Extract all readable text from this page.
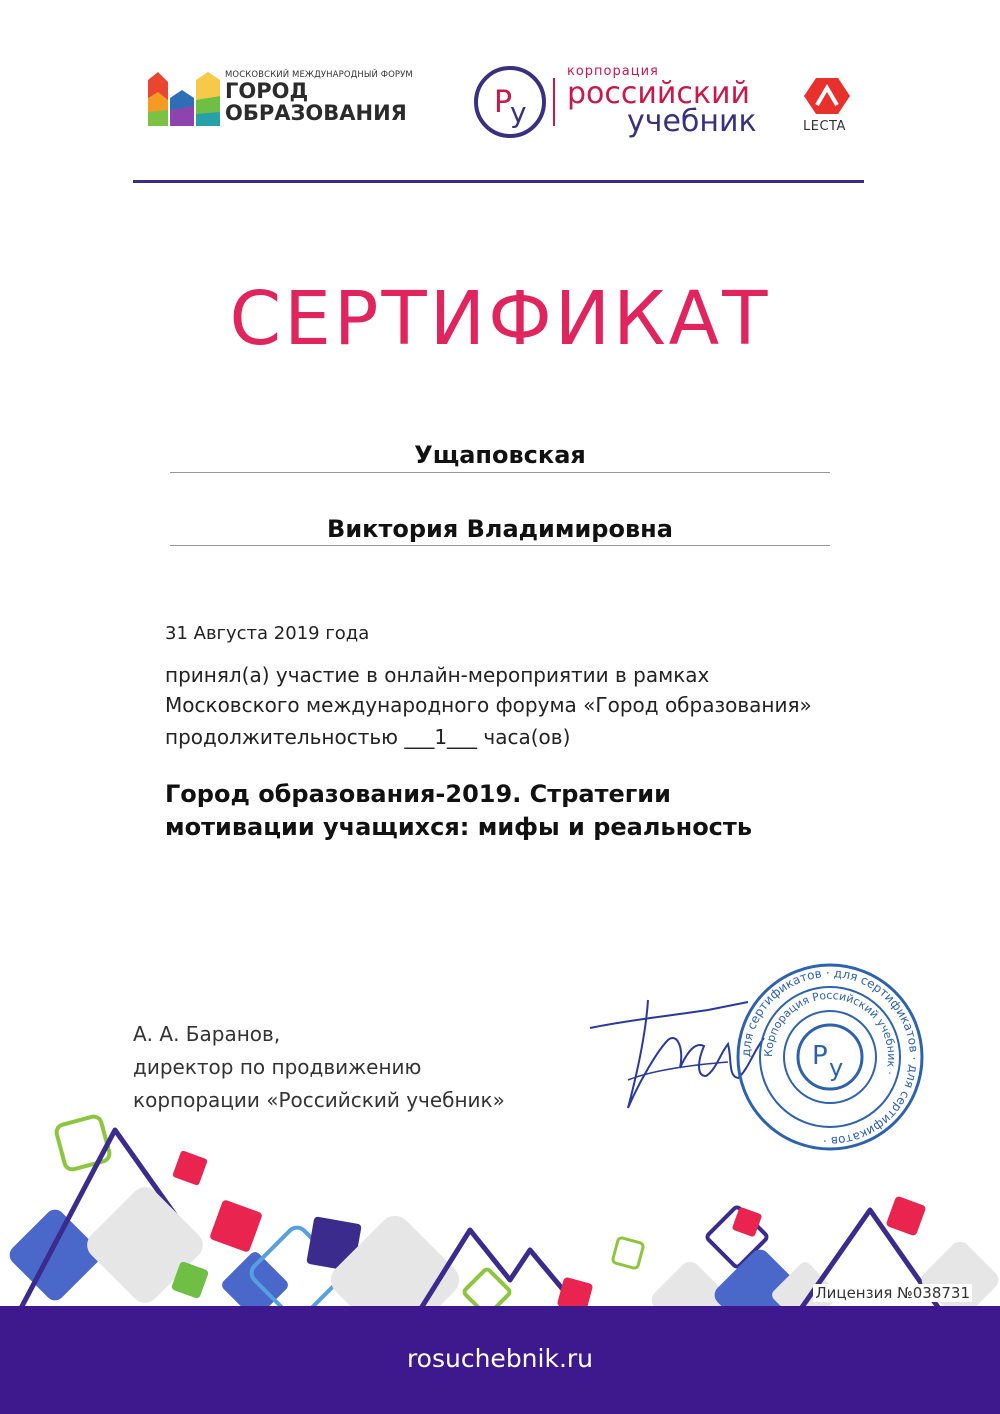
МОСКОВСКИЙ МЕЖДУНАРОДНЫЙ ФОРУМ
ГОРОД
ОБРАЗОВАНИЯ	Р
у
корпорация
российский
учебник	LECTA
СЕРТИФИКАТ
Ущаповская
Виктория Владимировна
31 Августа 2019 года
принял(а) участие в онлайн-мероприятии в рамках
Московского международного форума «Город образования»
продолжительностью ___1___ часа(ов)
Город образования-2019. Стратегии
мотивации учащихся: мифы и реальность
А. А. Баранов,
директор по продвижению
корпорации «Российский учебник»
для сертификатов · для сертификатов · для сертификатов ·
Корпорация Российский учебник ·
Р у
Лицензия №038731
rosuchebnik.ru
